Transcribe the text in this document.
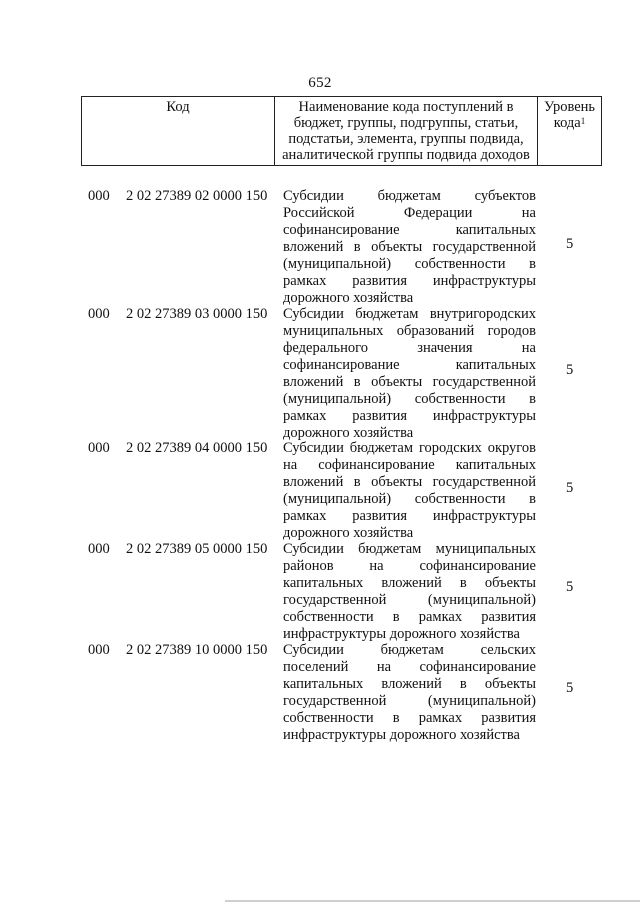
652
Код	Наименование кода поступлений в бюджет, группы, подгруппы, статьи, подстатьи, элемента, группы подвида, аналитической группы подвида доходов
Уровень
кода$^1$
000 2 02 27389 02 0000 150 Субсидии бюджетам субъектов Российской Федерации на софинансирование капитальных вложений в объекты государственной (муниципальной) собственности в рамках развития инфраструктуры дорожного хозяйства
5
000 2 02 27389 03 0000 150 Субсидии бюджетам внутригородских муниципальных образований городов федерального значения на софинансирование капитальных вложений в объекты государственной (муниципальной) собственности в рамках развития инфраструктуры дорожного хозяйства
5
000 2 02 27389 04 0000 150 Субсидии бюджетам городских округов на софинансирование капитальных вложений в объекты государственной (муниципальной) собственности в рамках развития инфраструктуры дорожного хозяйства
5
000 2 02 27389 05 0000 150 Субсидии бюджетам муниципальных районов на софинансирование капитальных вложений в объекты государственной (муниципальной) собственности в рамках развития инфраструктуры дорожного хозяйства
5
000 2 02 27389 10 0000 150 Субсидии бюджетам сельских поселений на софинансирование капитальных вложений в объекты государственной (муниципальной) собственности в рамках развития инфраструктуры дорожного хозяйства
5
